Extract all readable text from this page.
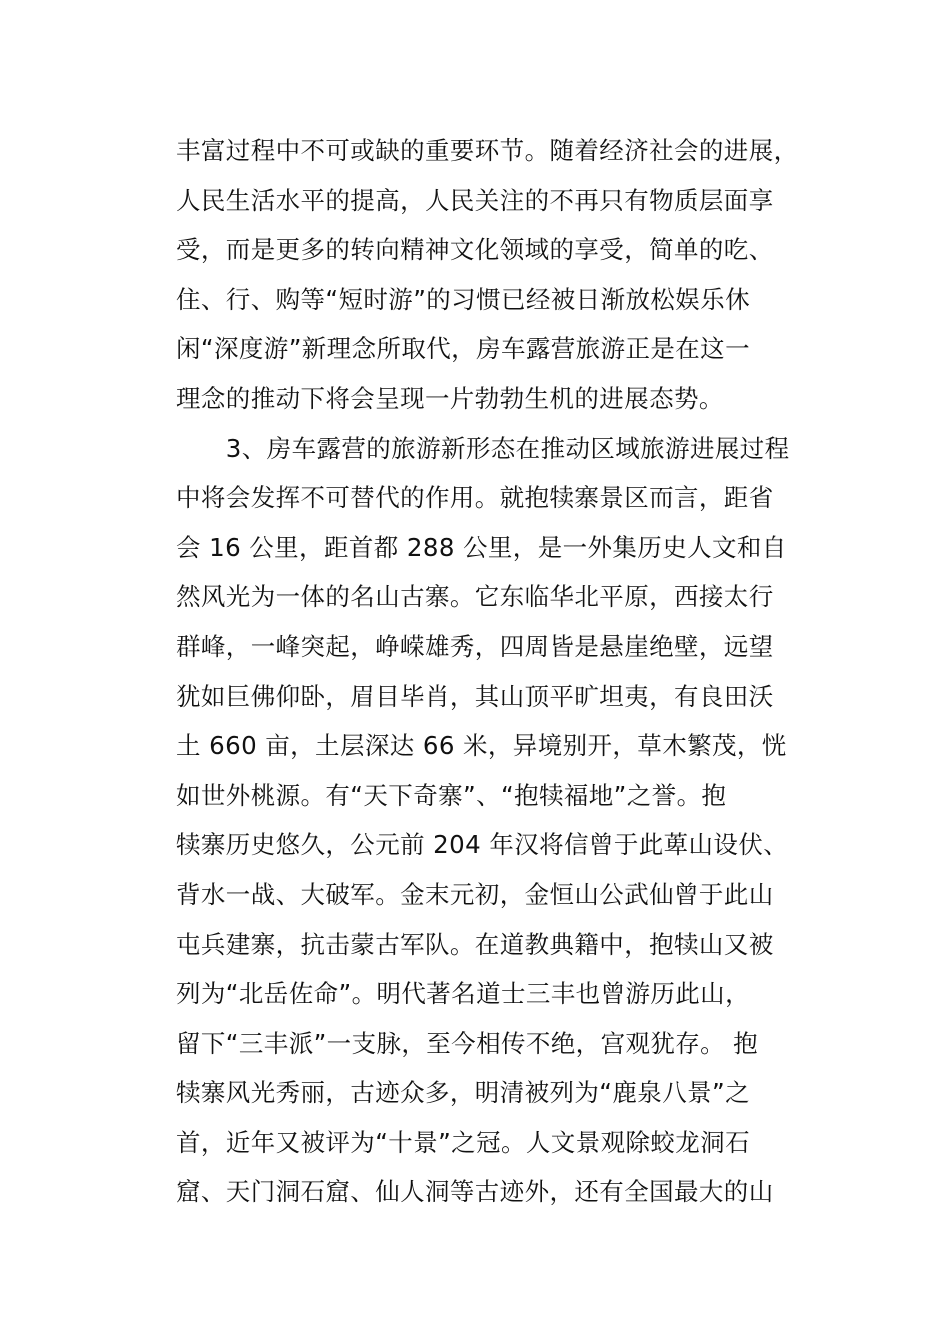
丰富过程中不可或缺的重要环节。随着经济社会的进展，
人民生活水平的提高，人民关注的不再只有物质层面享
受，而是更多的转向精神文化领域的享受，简单的吃、
住、行、购等“短时游”的习惯已经被日渐放松娱乐休
闲“深度游”新理念所取代，房车露营旅游正是在这一
理念的推动下将会呈现一片勃勃生机的进展态势。
　　3、房车露营的旅游新形态在推动区域旅游进展过程
中将会发挥不可替代的作用。就抱犊寨景区而言，距省
会 16 公里，距首都 288 公里，是一外集历史人文和自
然风光为一体的名山古寨。它东临华北平原，西接太行
群峰，一峰突起，峥嵘雄秀，四周皆是悬崖绝壁，远望
犹如巨佛仰卧，眉目毕肖，其山顶平旷坦夷，有良田沃
土 660 亩，土层深达 66 米，异境别开，草木繁茂，恍
如世外桃源。有“天下奇寨”、“抱犊福地”之誉。抱
犊寨历史悠久，公元前 204 年汉将信曾于此萆山设伏、
背水一战、大破军。金末元初，金恒山公武仙曾于此山
屯兵建寨，抗击蒙古军队。在道教典籍中，抱犊山又被
列为“北岳佐命”。明代著名道士三丰也曾游历此山，
留下“三丰派”一支脉，至今相传不绝，宫观犹存。 抱
犊寨风光秀丽，古迹众多，明清被列为“鹿泉八景”之
首，近年又被评为“十景”之冠。人文景观除蛟龙洞石
窟、天门洞石窟、仙人洞等古迹外，还有全国最大的山
